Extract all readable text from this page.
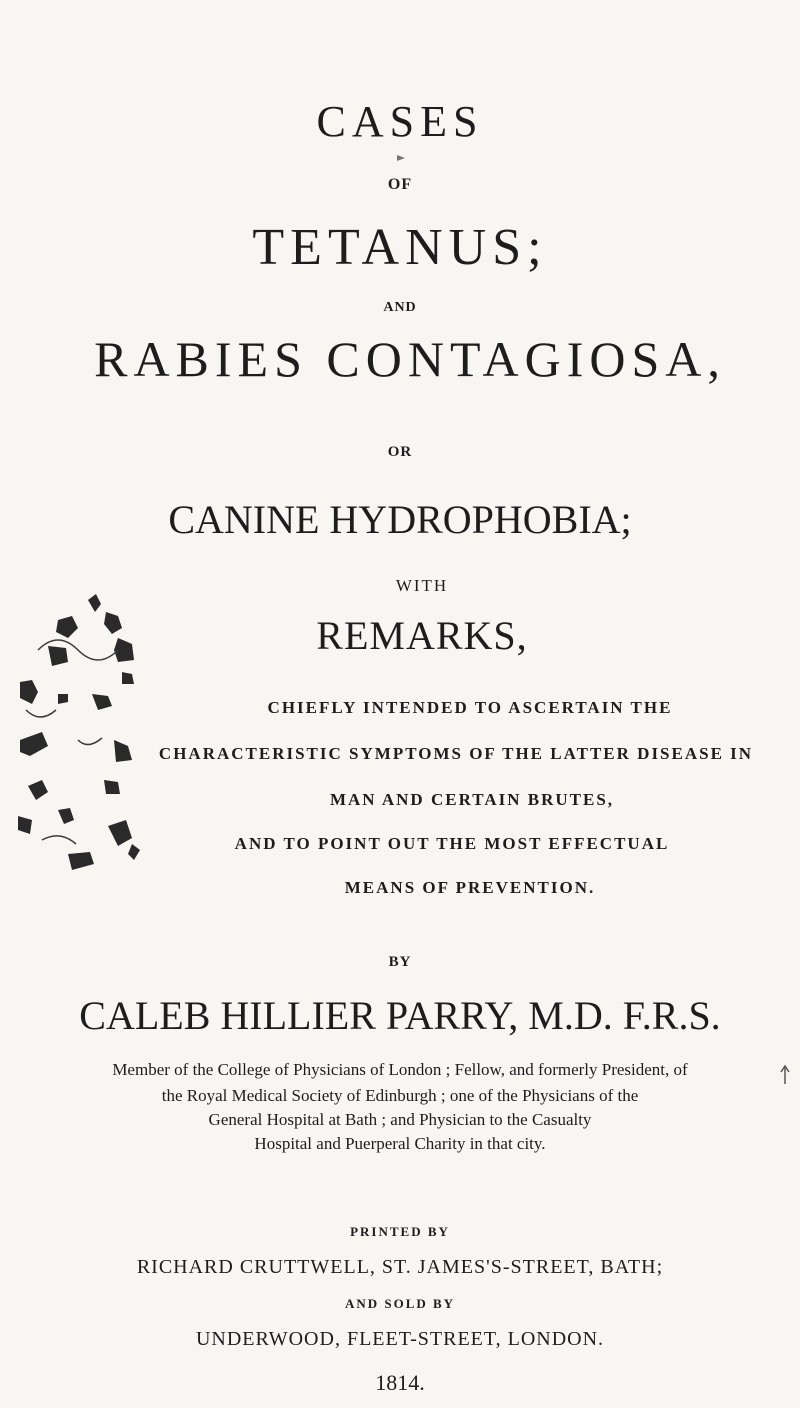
CASES

OF

TETANUS;

AND

RABIES CONTAGIOSA,

OR

CANINE HYDROPHOBIA;

WITH

REMARKS,

CHIEFLY INTENDED TO ASCERTAIN THE

CHARACTERISTIC SYMPTOMS OF THE LATTER DISEASE IN

MAN AND CERTAIN BRUTES,

AND TO POINT OUT THE MOST EFFECTUAL

MEANS OF PREVENTION.

BY

CALEB HILLIER PARRY, M.D. F.R.S.

Member of the College of Physicians of London ; Fellow, and formerly President, of

the Royal Medical Society of Edinburgh ; one of the Physicians of the

General Hospital at Bath ; and Physician to the Casualty

Hospital and Puerperal Charity in that city.

PRINTED BY

RICHARD CRUTTWELL, ST. JAMES'S-STREET, BATH;

AND SOLD BY

UNDERWOOD, FLEET-STREET, LONDON.

1814.
